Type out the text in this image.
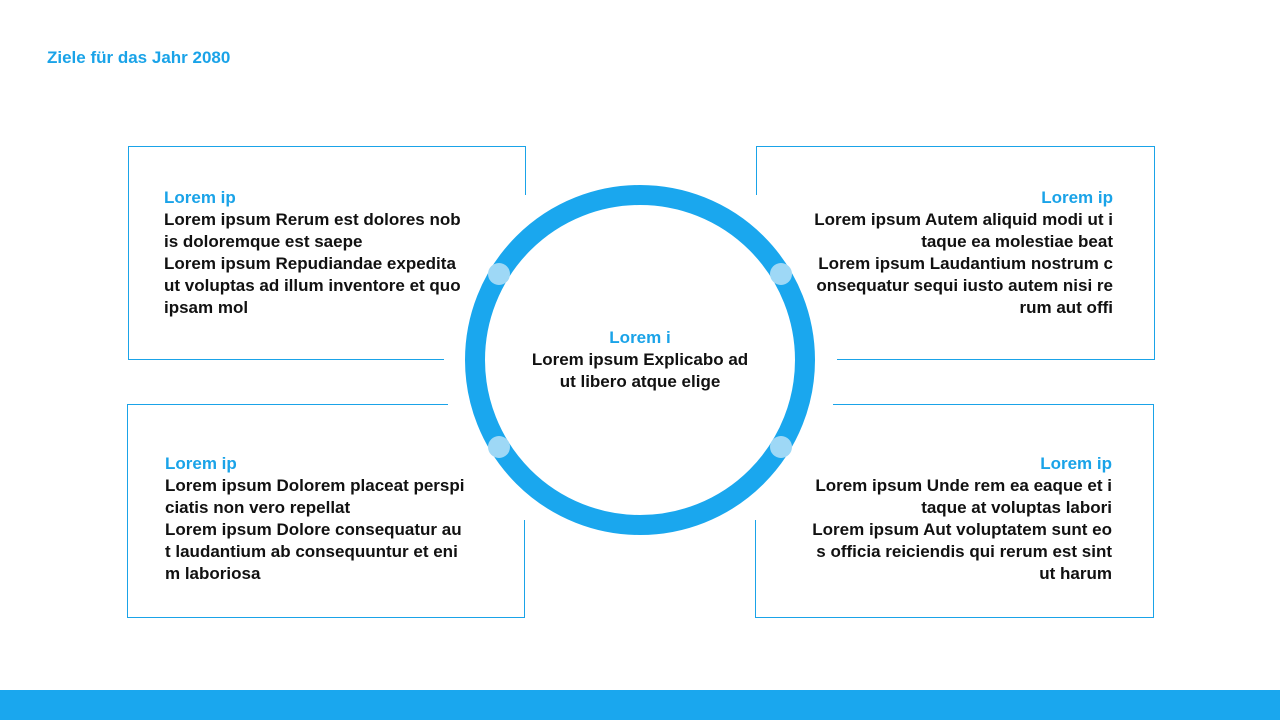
Ziele für das Jahr 2080
Lorem ip

Lorem ipsum Rerum est dolores nobis doloremque est saepe

Lorem ipsum Repudiandae expedita ut voluptas ad illum inventore et quo ipsam mol

Lorem ip

Lorem ipsum Autem aliquid modi ut itaque ea molestiae beat

Lorem ipsum Laudantium nostrum consequatur sequi iusto autem nisi rerum aut offi

Lorem ip

Lorem ipsum Dolorem placeat perspiciatis non vero repellat

Lorem ipsum Dolore consequatur aut laudantium ab consequuntur et enim laboriosa

Lorem ip

Lorem ipsum Unde rem ea eaque et itaque at voluptas labori

Lorem ipsum Aut voluptatem sunt eos officia reiciendis qui rerum est sint ut harum

Lorem i

Lorem ipsum Explicabo ad ut libero atque elige
